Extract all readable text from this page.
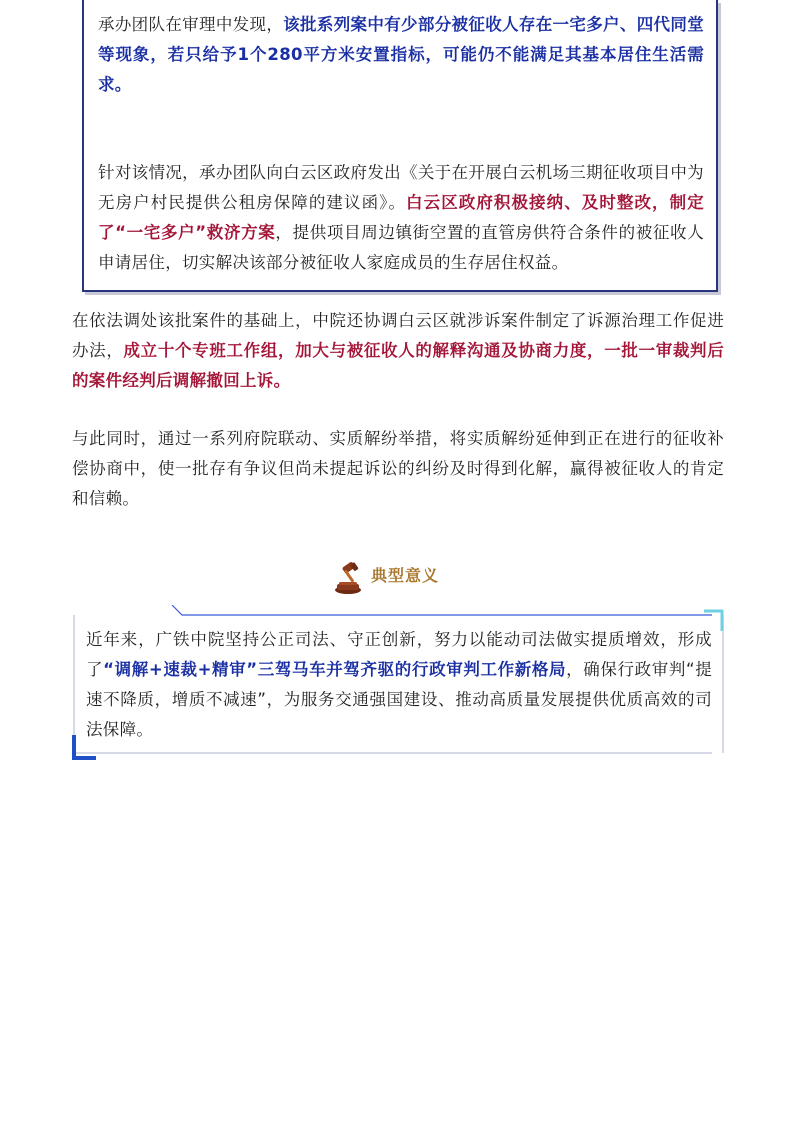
承办团队在审理中发现，该批系列案中有少部分被征收人存在一宅多户、四代同堂等现象，若只给予1个280平方米安置指标，可能仍不能满足其基本居住生活需求。

针对该情况，承办团队向白云区政府发出《关于在开展白云机场三期征收项目中为无房户村民提供公租房保障的建议函》。白云区政府积极接纳、及时整改，制定了“一宅多户”救济方案，提供项目周边镇街空置的直管房供符合条件的被征收人申请居住，切实解决该部分被征收人家庭成员的生存居住权益。

在依法调处该批案件的基础上，中院还协调白云区就涉诉案件制定了诉源治理工作促进办法，成立十个专班工作组，加大与被征收人的解释沟通及协商力度，一批一审裁判后的案件经判后调解撤回上诉。

与此同时，通过一系列府院联动、实质解纷举措，将实质解纷延伸到正在进行的征收补偿协商中，使一批存有争议但尚未提起诉讼的纠纷及时得到化解，赢得被征收人的肯定和信赖。

典型意义

近年来，广铁中院坚持公正司法、守正创新，努力以能动司法做实提质增效，形成了“调解+速裁+精审”三驾马车并驾齐驱的行政审判工作新格局，确保行政审判“提速不降质，增质不减速”，为服务交通强国建设、推动高质量发展提供优质高效的司法保障。
